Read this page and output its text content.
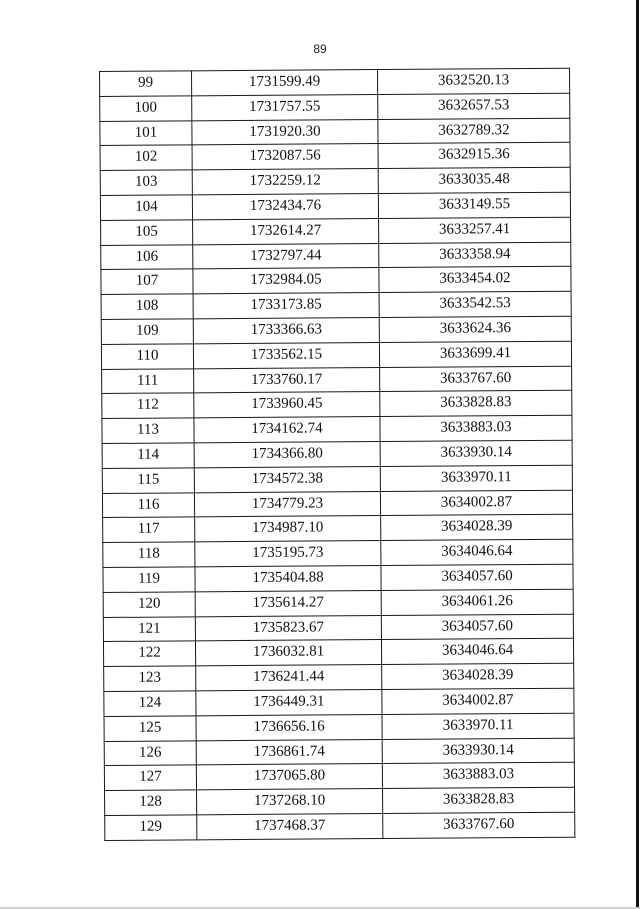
89
99	1731599.49	3632520.13
100	1731757.55	3632657.53
101	1731920.30	3632789.32
102	1732087.56	3632915.36
103	1732259.12	3633035.48
104	1732434.76	3633149.55
105	1732614.27	3633257.41
106	1732797.44	3633358.94
107	1732984.05	3633454.02
108	1733173.85	3633542.53
109	1733366.63	3633624.36
110	1733562.15	3633699.41
111	1733760.17	3633767.60
112	1733960.45	3633828.83
113	1734162.74	3633883.03
114	1734366.80	3633930.14
115	1734572.38	3633970.11
116	1734779.23	3634002.87
117	1734987.10	3634028.39
118	1735195.73	3634046.64
119	1735404.88	3634057.60
120	1735614.27	3634061.26
121	1735823.67	3634057.60
122	1736032.81	3634046.64
123	1736241.44	3634028.39
124	1736449.31	3634002.87
125	1736656.16	3633970.11
126	1736861.74	3633930.14
127	1737065.80	3633883.03
128	1737268.10	3633828.83
129	1737468.37	3633767.60
